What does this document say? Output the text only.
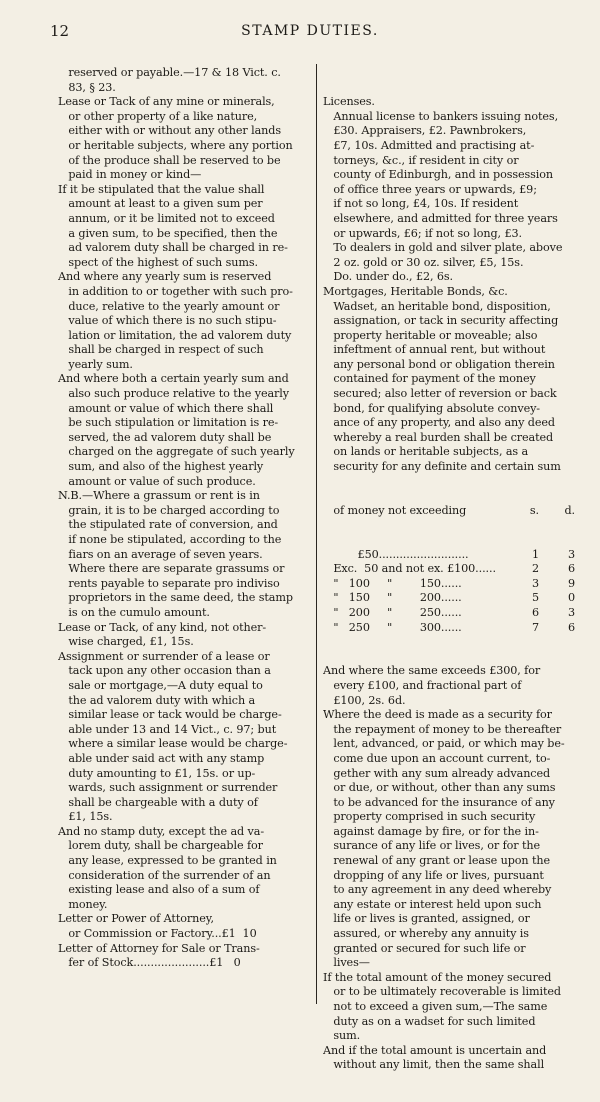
12	STAMP DUTIES.
reserved or payable.—17 & 18 Vict. c.
83, § 23.
Lease or Tack of any mine or minerals,
or other property of a like nature,
either with or without any other lands
or heritable subjects, where any portion
of the produce shall be reserved to be
paid in money or kind—
If it be stipulated that the value shall
amount at least to a given sum per
annum, or it be limited not to exceed
a given sum, to be specified, then the
ad valorem duty shall be charged in re-
spect of the highest of such sums.
And where any yearly sum is reserved
in addition to or together with such pro-
duce, relative to the yearly amount or
value of which there is no such stipu-
lation or limitation, the ad valorem duty
shall be charged in respect of such
yearly sum.
And where both a certain yearly sum and
also such produce relative to the yearly
amount or value of which there shall
be such stipulation or limitation is re-
served, the ad valorem duty shall be
charged on the aggregate of such yearly
sum, and also of the highest yearly
amount or value of such produce.
N.B.—Where a grassum or rent is in
grain, it is to be charged according to
the stipulated rate of conversion, and
if none be stipulated, according to the
fiars on an average of seven years.
Where there are separate grassums or
rents payable to separate pro indiviso
proprietors in the same deed, the stamp
is on the cumulo amount.
Lease or Tack, of any kind, not other-
wise charged, £1, 15s.
Assignment or surrender of a lease or
tack upon any other occasion than a
sale or mortgage,—A duty equal to
the ad valorem duty with which a
similar lease or tack would be charge-
able under 13 and 14 Vict., c. 97; but
where a similar lease would be charge-
able under said act with any stamp
duty amounting to £1, 15s. or up-
wards, such assignment or surrender
shall be chargeable with a duty of
£1, 15s.
And no stamp duty, except the ad va-
lorem duty, shall be chargeable for
any lease, expressed to be granted in
consideration of the surrender of an
existing lease and also of a sum of
money.
Letter or Power of Attorney,
or Commission or Factory...£1  10
Letter of Attorney for Sale or Trans-
fer of Stock......................£1   0

Licenses.
Annual license to bankers issuing notes,
£30. Appraisers, £2. Pawnbrokers,
£7, 10s. Admitted and practising at-
torneys, &c., if resident in city or
county of Edinburgh, and in possession
of office three years or upwards, £9;
if not so long, £4, 10s. If resident
elsewhere, and admitted for three years
or upwards, £6; if not so long, £3.
To dealers in gold and silver plate, above
2 oz. gold or 30 oz. silver, £5, 15s.
Do. under do., £2, 6s.
Mortgages, Heritable Bonds, &c.
Wadset, an heritable bond, disposition,
assignation, or tack in security affecting
property heritable or moveable; also
infeftment of annual rent, but without
any personal bond or obligation therein
contained for payment of the money
secured; also letter of reversion or back
bond, for qualifying absolute convey-
ance of any property, and also any deed
whereby a real burden shall be created
on lands or heritable subjects, as a
security for any definite and certain sum

of money not exceeding	s.	d.

£50..........................	1	3
Exc.  50 and not ex. £100......	2	6
"   100     "        150......	3	9
"   150     "        200......	5	0
"   200     "        250......	6	3
"   250     "        300......	7	6

And where the same exceeds £300, for
every £100, and fractional part of
£100, 2s. 6d.
Where the deed is made as a security for
the repayment of money to be thereafter
lent, advanced, or paid, or which may be-
come due upon an account current, to-
gether with any sum already advanced
or due, or without, other than any sums
to be advanced for the insurance of any
property comprised in such security
against damage by fire, or for the in-
surance of any life or lives, or for the
renewal of any grant or lease upon the
dropping of any life or lives, pursuant
to any agreement in any deed whereby
any estate or interest held upon such
life or lives is granted, assigned, or
assured, or whereby any annuity is
granted or secured for such life or
lives—
If the total amount of the money secured
or to be ultimately recoverable is limited
not to exceed a given sum,—The same
duty as on a wadset for such limited
sum.
And if the total amount is uncertain and
without any limit, then the same shall
